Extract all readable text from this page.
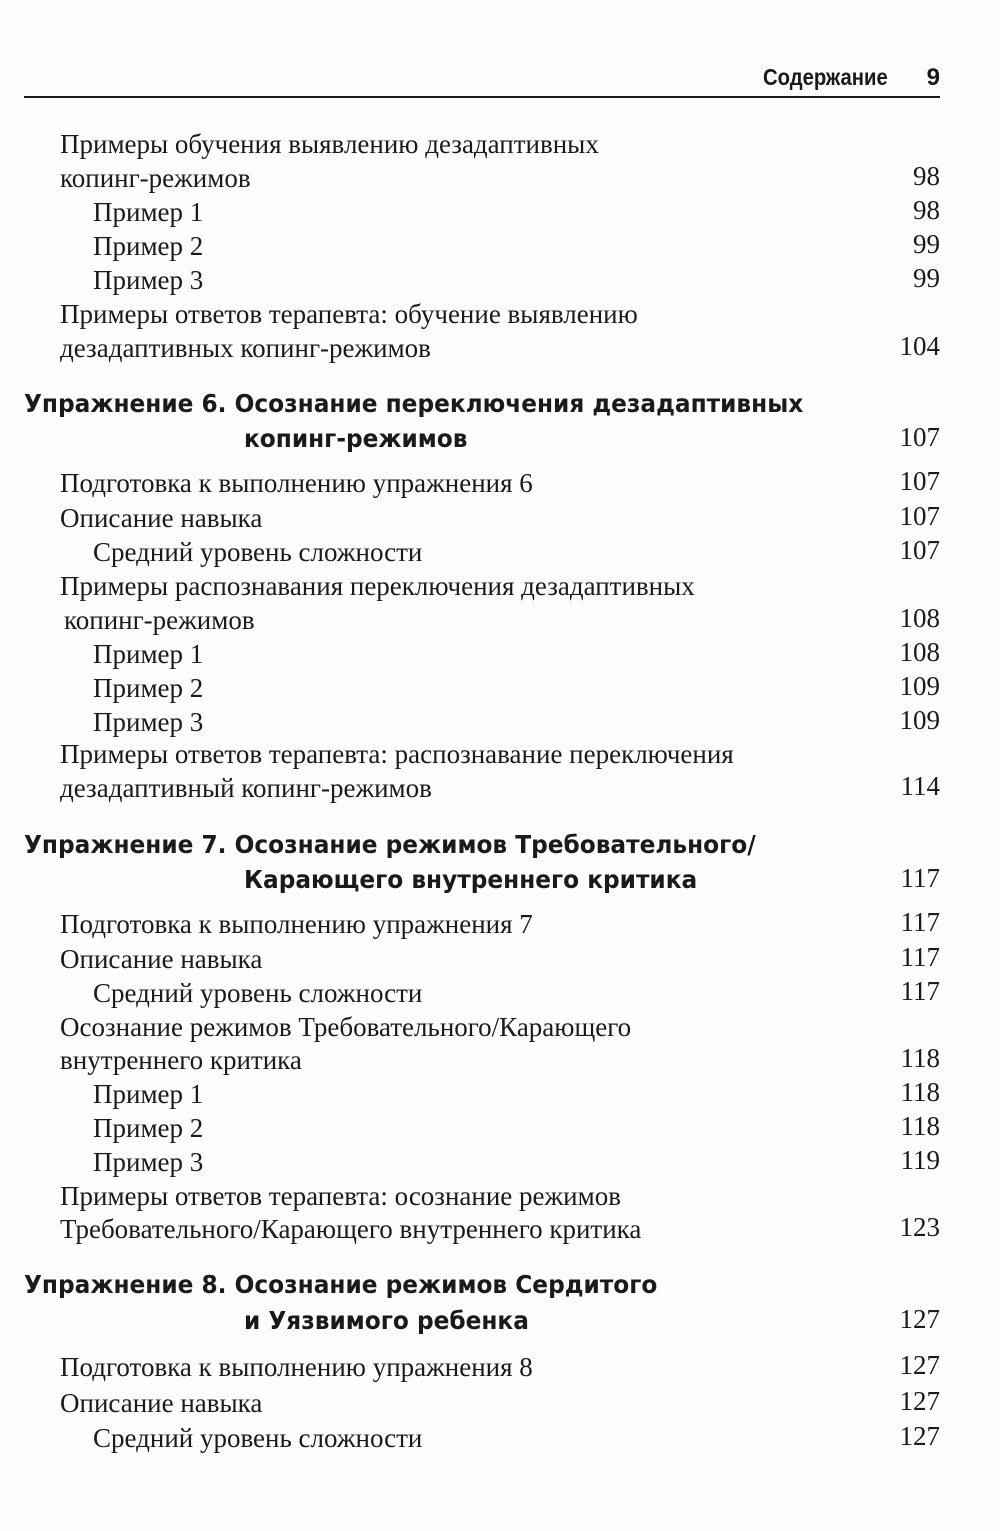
Содержание 9
Примеры обучения выявлению дезадаптивных
копинг-режимов	98
Пример 1	98
Пример 2	99
Пример 3	99
Примеры ответов терапевта: обучение выявлению
дезадаптивных копинг-режимов	104
Упражнение 6. Осознание переключения дезадаптивных
копинг-режимов	107
Подготовка к выполнению упражнения 6	107
Описание навыка	107
Средний уровень сложности	107
Примеры распознавания переключения дезадаптивных
копинг-режимов	108
Пример 1	108
Пример 2	109
Пример 3	109
Примеры ответов терапевта: распознавание переключения
дезадаптивный копинг-режимов	114
Упражнение 7. Осознание режимов Требовательного/
Карающего внутреннего критика	117
Подготовка к выполнению упражнения 7	117
Описание навыка	117
Средний уровень сложности	117
Осознание режимов Требовательного/Карающего
внутреннего критика	118
Пример 1	118
Пример 2	118
Пример 3	119
Примеры ответов терапевта: осознание режимов
Требовательного/Карающего внутреннего критика	123
Упражнение 8. Осознание режимов Сердитого
и Уязвимого ребенка	127
Подготовка к выполнению упражнения 8	127
Описание навыка	127
Средний уровень сложности	127
